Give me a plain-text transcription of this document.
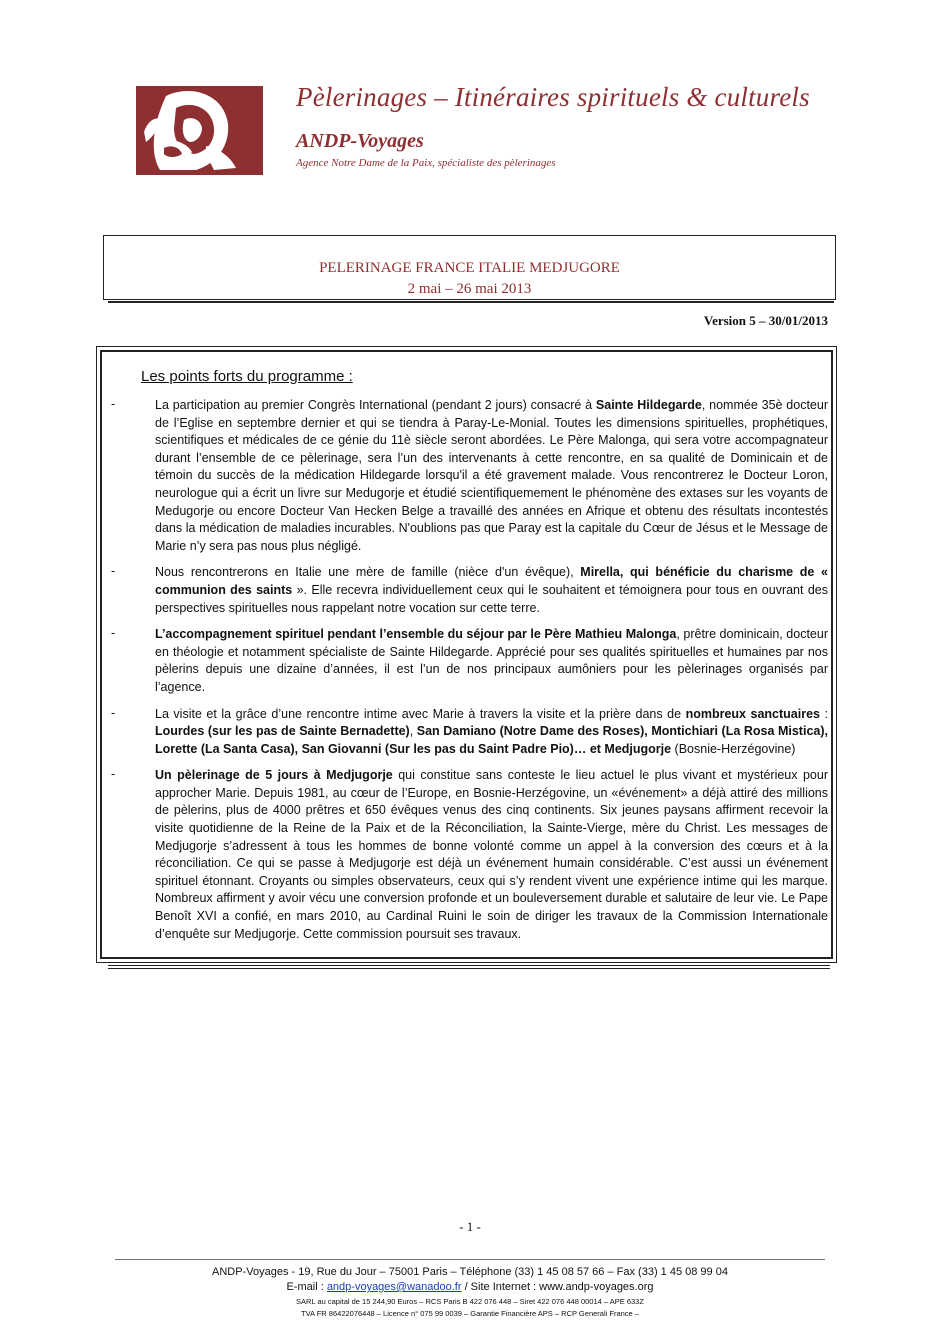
Pèlerinages – Itinéraires spirituels & culturels
ANDP-Voyages
Agence Notre Dame de la Paix, spécialiste des pèlerinages
PELERINAGE FRANCE ITALIE MEDJUGORE
2 mai – 26 mai 2013
Version 5 – 30/01/2013
Les points forts du programme :
-	La participation au premier Congrès International (pendant 2 jours) consacré à Sainte Hildegarde, nommée 35è docteur de l’Eglise en septembre dernier et qui se tiendra à Paray-Le-Monial. Toutes les dimensions spirituelles, prophétiques, scientifiques et médicales de ce génie du 11è siècle seront abordées. Le Père Malonga, qui sera votre accompagnateur durant l’ensemble de ce pèlerinage, sera l’un des intervenants à cette rencontre, en sa qualité de Dominicain et de témoin du succès de la médication Hildegarde lorsqu'il a été gravement malade. Vous rencontrerez le Docteur Loron, neurologue qui a écrit un livre sur Medugorje et étudié scientifiquemement le phénomène des extases sur les voyants de Medugorje ou encore Docteur Van Hecken Belge a travaillé des années en Afrique et obtenu des résultats incontestés dans la médication de maladies incurables. N'oublions pas que Paray est la capitale du Cœur de Jésus et le Message de Marie n’y sera pas nous plus négligé.
-	Nous rencontrerons en Italie une mère de famille (nièce d'un évêque), Mirella, qui bénéficie du charisme de « communion des saints ». Elle recevra individuellement ceux qui le souhaitent et témoignera pour tous en ouvrant des perspectives spirituelles nous rappelant notre vocation sur cette terre.
-	L’accompagnement spirituel pendant l’ensemble du séjour par le Père Mathieu Malonga, prêtre dominicain, docteur en théologie et notamment spécialiste de Sainte Hildegarde. Apprécié pour ses qualités spirituelles et humaines par nos pèlerins depuis une dizaine d’années, il est l’un de nos principaux aumôniers pour les pèlerinages organisés par l’agence.
-	La visite et la grâce d’une rencontre intime avec Marie à travers la visite et la prière dans de nombreux sanctuaires : Lourdes (sur les pas de Sainte Bernadette), San Damiano (Notre Dame des Roses), Montichiari (La Rosa Mistica), Lorette (La Santa Casa), San Giovanni (Sur les pas du Saint Padre Pio)… et Medjugorje (Bosnie-Herzégovine)
-	Un pèlerinage de 5 jours à Medjugorje qui constitue sans conteste le lieu actuel le plus vivant et mystérieux pour approcher Marie. Depuis 1981, au cœur de l’Europe, en Bosnie-Herzégovine, un «événement» a déjà attiré des millions de pèlerins, plus de 4000 prêtres et 650 évêques venus des cinq continents. Six jeunes paysans affirment recevoir la visite quotidienne de la Reine de la Paix et de la Réconciliation, la Sainte-Vierge, mère du Christ. Les messages de Medjugorje s’adressent à tous les hommes de bonne volonté comme un appel à la conversion des cœurs et à la réconciliation. Ce qui se passe à Medjugorje est déjà un événement humain considérable. C’est aussi un événement spirituel étonnant. Croyants ou simples observateurs, ceux qui s’y rendent vivent une expérience intime qui les marque. Nombreux affirment y avoir vécu une conversion profonde et un bouleversement durable et salutaire de leur vie. Le Pape Benoît XVI a confié, en mars 2010, au Cardinal Ruini le soin de diriger les travaux de la Commission Internationale d’enquête sur Medjugorje. Cette commission poursuit ses travaux.
- 1 -
ANDP-Voyages - 19, Rue du Jour – 75001 Paris – Téléphone (33) 1 45 08 57 66 – Fax (33) 1 45 08 99 04
E-mail : andp-voyages@wanadoo.fr / Site Internet : www.andp-voyages.org
SARL au capital de 15 244,90 Euros – RCS Paris B 422 076 448 – Siret 422 076 448 00014 – APE 633Z
TVA FR 86422076448 – Licence n° 075 99 0039 – Garantie Financière APS – RCP Generali France –
